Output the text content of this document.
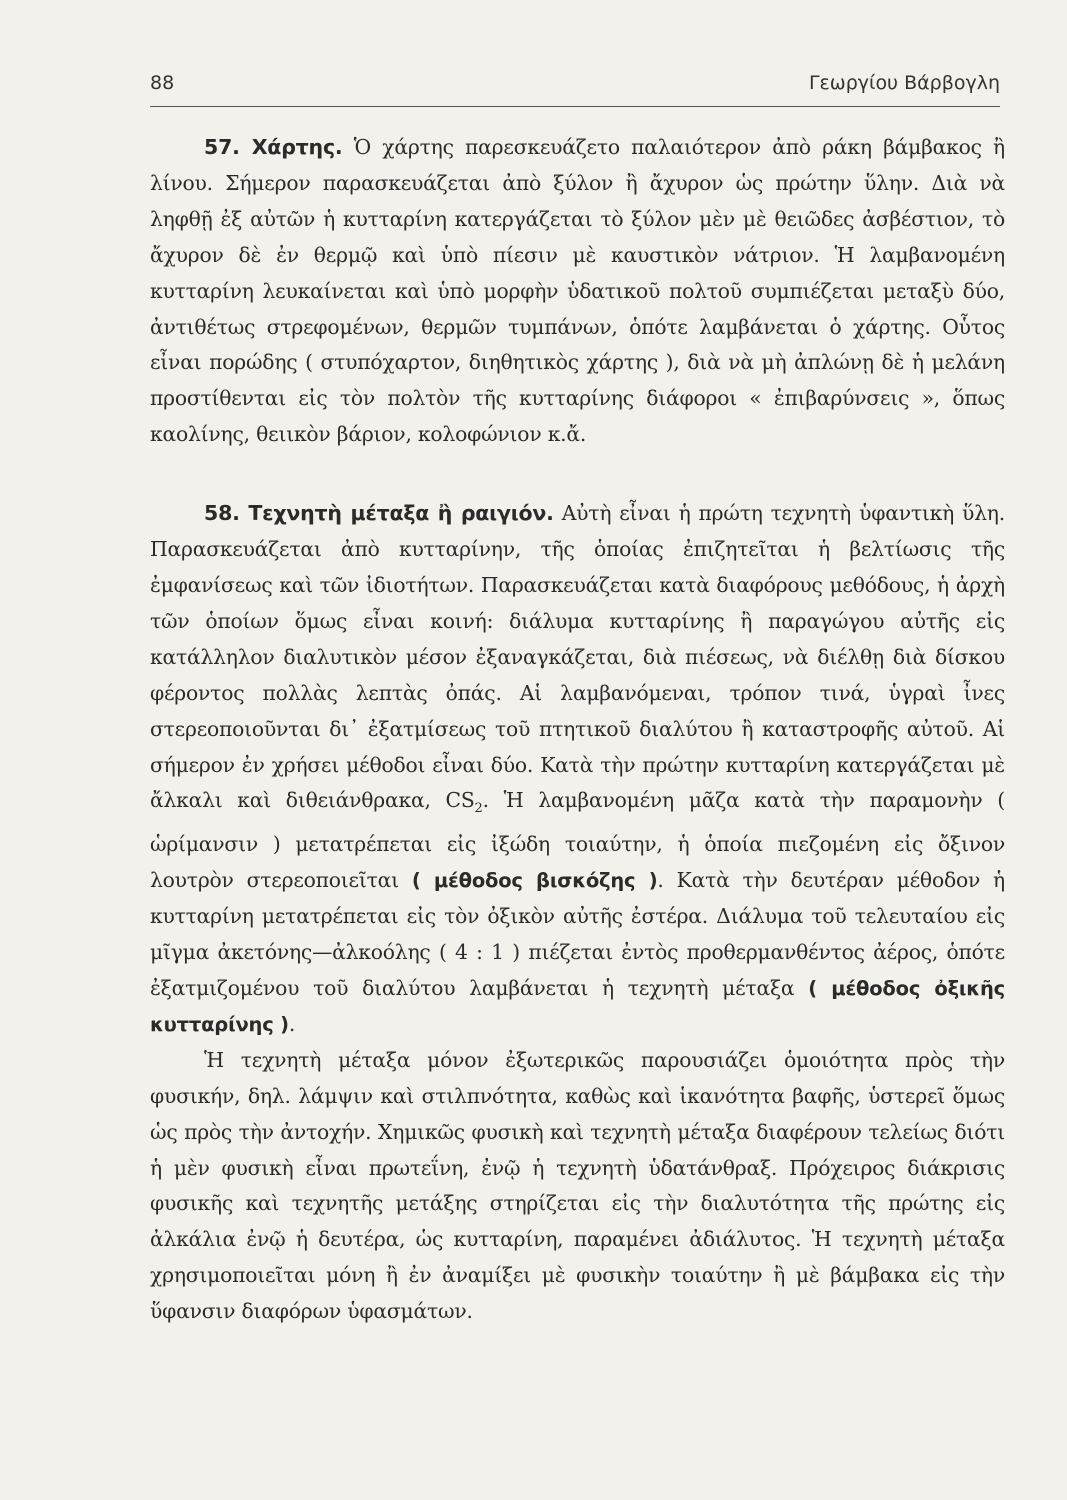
88	Γεωργίου Βάρβογλη

57. Χάρτης. Ὁ χάρτης παρεσκευάζετο παλαιότερον ἀπὸ ράκη βάμβακος ἢ λίνου. Σήμερον παρασκευάζεται ἀπὸ ξύλον ἢ ἄχυρον ὡς πρώτην ὕλην. Διὰ νὰ ληφθῇ ἐξ αὐτῶν ἡ κυτταρίνη κατεργάζεται τὸ ξύλον μὲν μὲ θειῶδες ἀσβέστιον, τὸ ἄχυρον δὲ ἐν θερμῷ καὶ ὑπὸ πίεσιν μὲ καυστικὸν νάτριον. Ἡ λαμβανομένη κυτταρίνη λευκαίνεται καὶ ὑπὸ μορφὴν ὑδατικοῦ πολτοῦ συμπιέζεται μεταξὺ δύο, ἀντιθέτως στρεφομένων, θερμῶν τυμπάνων, ὁπότε λαμβάνεται ὁ χάρτης. Οὗτος εἶναι πορώδης ( στυπόχαρτον, διηθητικὸς χάρτης ), διὰ νὰ μὴ ἀπλώνῃ δὲ ἡ μελάνη προστίθενται εἰς τὸν πολτὸν τῆς κυτταρίνης διάφοροι « ἐπιβαρύνσεις », ὅπως καολίνης, θειικὸν βάριον, κολοφώνιον κ.ἄ.

58. Τεχνητὴ μέταξα ἢ ραιγιόν. Αὐτὴ εἶναι ἡ πρώτη τεχνητὴ ὑφαντικὴ ὕλη. Παρασκευάζεται ἀπὸ κυτταρίνην, τῆς ὁποίας ἐπιζητεῖται ἡ βελτίωσις τῆς ἐμφανίσεως καὶ τῶν ἰδιοτήτων. Παρασκευάζεται κατὰ διαφόρους μεθόδους, ἡ ἀρχὴ τῶν ὁποίων ὅμως εἶναι κοινή: διάλυμα κυτταρίνης ἢ παραγώγου αὐτῆς εἰς κατάλληλον διαλυτικὸν μέσον ἐξαναγκάζεται, διὰ πιέσεως, νὰ διέλθῃ διὰ δίσκου φέροντος πολλὰς λεπτὰς ὀπάς. Αἱ λαμβανόμεναι, τρόπον τινά, ὑγραὶ ἶνες στερεοποιοῦνται δι᾽ ἐξατμίσεως τοῦ πτητικοῦ διαλύτου ἢ καταστροφῆς αὐτοῦ. Αἱ σήμερον ἐν χρήσει μέθοδοι εἶναι δύο. Κατὰ τὴν πρώτην κυτταρίνη κατεργάζεται μὲ ἄλκαλι καὶ διθειάνθρακα, $CS_2$. Ἡ λαμβανομένη μᾶζα κατὰ τὴν παραμονὴν ( ὡρίμανσιν ) μετατρέπεται εἰς ἰξώδη τοιαύτην, ἡ ὁποία πιεζομένη εἰς ὄξινον λουτρὸν στερεοποιεῖται ( μέθοδος βισκόζης ). Κατὰ τὴν δευτέραν μέθοδον ἡ κυτταρίνη μετατρέπεται εἰς τὸν ὀξικὸν αὐτῆς ἐστέρα. Διάλυμα τοῦ τελευταίου εἰς μῖγμα ἀκετόνης—ἀλκοόλης ( 4 : 1 ) πιέζεται ἐντὸς προθερμανθέντος ἀέρος, ὁπότε ἐξατμιζομένου τοῦ διαλύτου λαμβάνεται ἡ τεχνητὴ μέταξα ( μέθοδος ὀξικῆς κυτταρίνης ).

Ἡ τεχνητὴ μέταξα μόνον ἐξωτερικῶς παρουσιάζει ὁμοιότητα πρὸς τὴν φυσικήν, δηλ. λάμψιν καὶ στιλπνότητα, καθὼς καὶ ἱκανότητα βαφῆς, ὑστερεῖ ὅμως ὡς πρὸς τὴν ἀντοχήν. Χημικῶς φυσικὴ καὶ τεχνητὴ μέταξα διαφέρουν τελείως διότι ἡ μὲν φυσικὴ εἶναι πρωτεΐνη, ἐνῷ ἡ τεχνητὴ ὑδατάνθραξ. Πρόχειρος διάκρισις φυσικῆς καὶ τεχνητῆς μετάξης στηρίζεται εἰς τὴν διαλυτότητα τῆς πρώτης εἰς ἀλκάλια ἐνῷ ἡ δευτέρα, ὡς κυτταρίνη, παραμένει ἀδιάλυτος. Ἡ τεχνητὴ μέταξα χρησιμοποιεῖται μόνη ἢ ἐν ἀναμίξει μὲ φυσικὴν τοιαύτην ἢ μὲ βάμβακα εἰς τὴν ὕφανσιν διαφόρων ὑφασμάτων.
